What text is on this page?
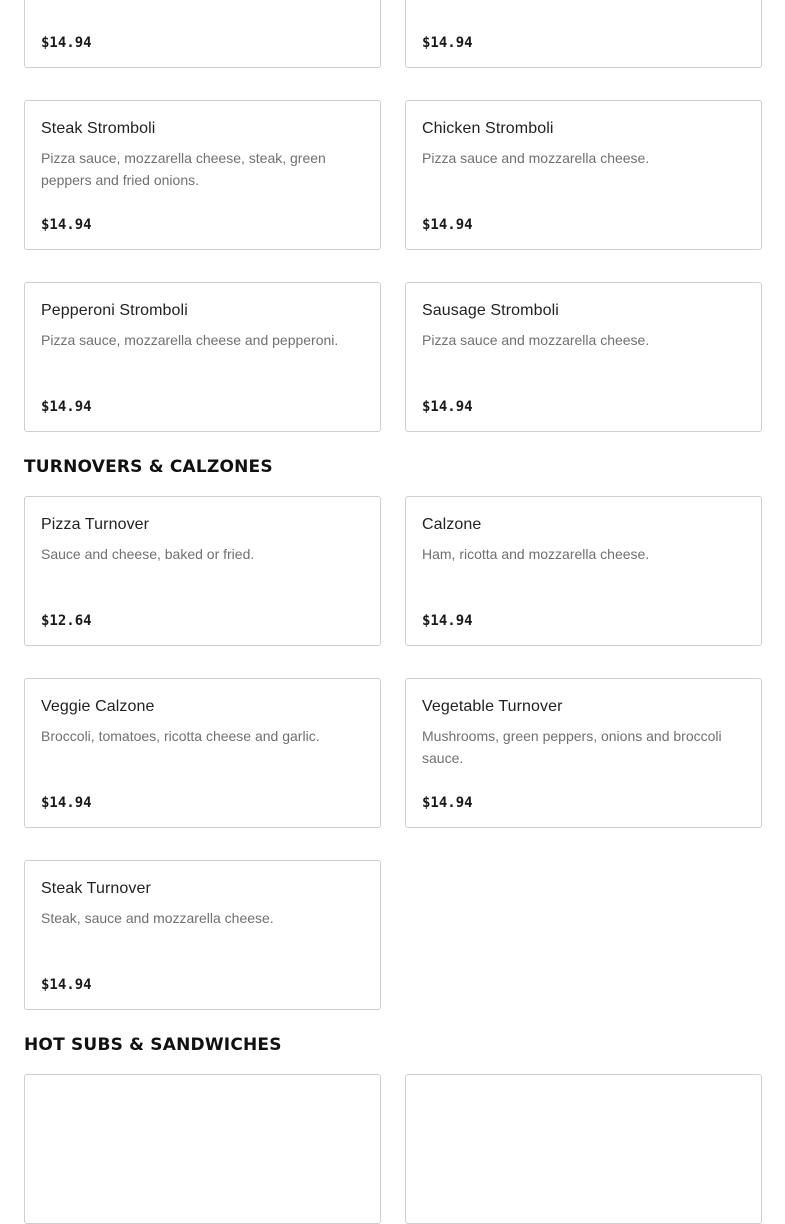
$14.94	$14.94
Steak Stromboli
Pizza sauce, mozzarella cheese, steak, green peppers and fried onions.
$14.94
Chicken Stromboli
Pizza sauce and mozzarella cheese.
$14.94
Pepperoni Stromboli
Pizza sauce, mozzarella cheese and pepperoni.
$14.94
Sausage Stromboli
Pizza sauce and mozzarella cheese.
$14.94
TURNOVERS & CALZONES
Pizza Turnover
Sauce and cheese, baked or fried.
$12.64
Calzone
Ham, ricotta and mozzarella cheese.
$14.94
Veggie Calzone
Broccoli, tomatoes, ricotta cheese and garlic.
$14.94
Vegetable Turnover
Mushrooms, green peppers, onions and broccoli sauce.
$14.94
Steak Turnover
Steak, sauce and mozzarella cheese.
$14.94
HOT SUBS & SANDWICHES
